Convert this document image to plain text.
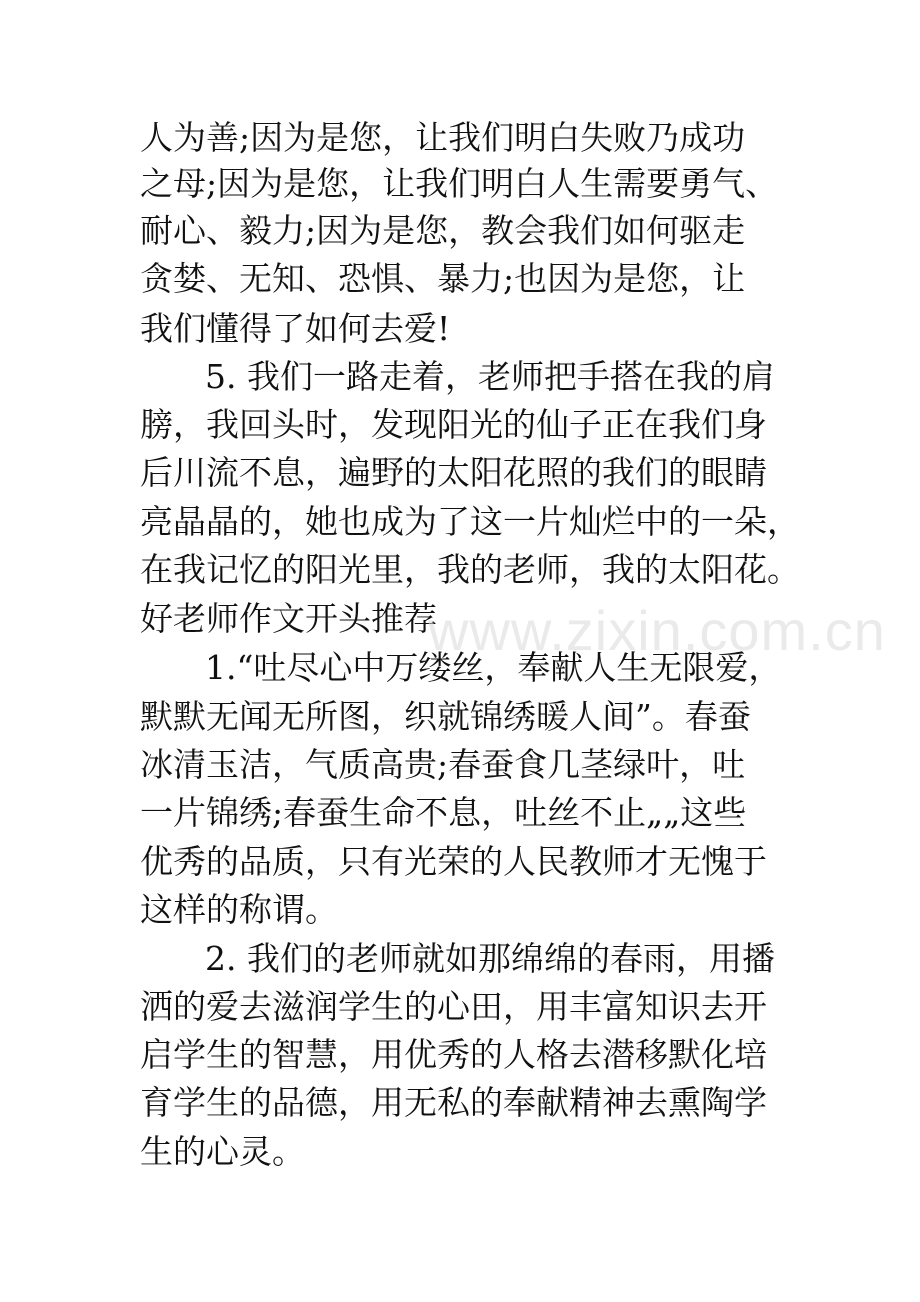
人为善;因为是您，让我们明白失败乃成功
之母;因为是您，让我们明白人生需要勇气、
耐心、毅力;因为是您，教会我们如何驱走
贪婪、无知、恐惧、暴力;也因为是您，让
我们懂得了如何去爱!
5. 我们一路走着，老师把手搭在我的肩
膀，我回头时，发现阳光的仙子正在我们身
后川流不息，遍野的太阳花照的我们的眼睛
亮晶晶的，她也成为了这一片灿烂中的一朵，
在我记忆的阳光里，我的老师，我的太阳花。
好老师作文开头推荐
1.“吐尽心中万缕丝，奉献人生无限爱，
默默无闻无所图，织就锦绣暖人间”。春蚕
冰清玉洁，气质高贵;春蚕食几茎绿叶，吐
一片锦绣;春蚕生命不息，吐丝不止„„这些
优秀的品质，只有光荣的人民教师才无愧于
这样的称谓。
2. 我们的老师就如那绵绵的春雨，用播
洒的爱去滋润学生的心田，用丰富知识去开
启学生的智慧，用优秀的人格去潜移默化培
育学生的品德，用无私的奉献精神去熏陶学
生的心灵。
www.zixin.com.cn
